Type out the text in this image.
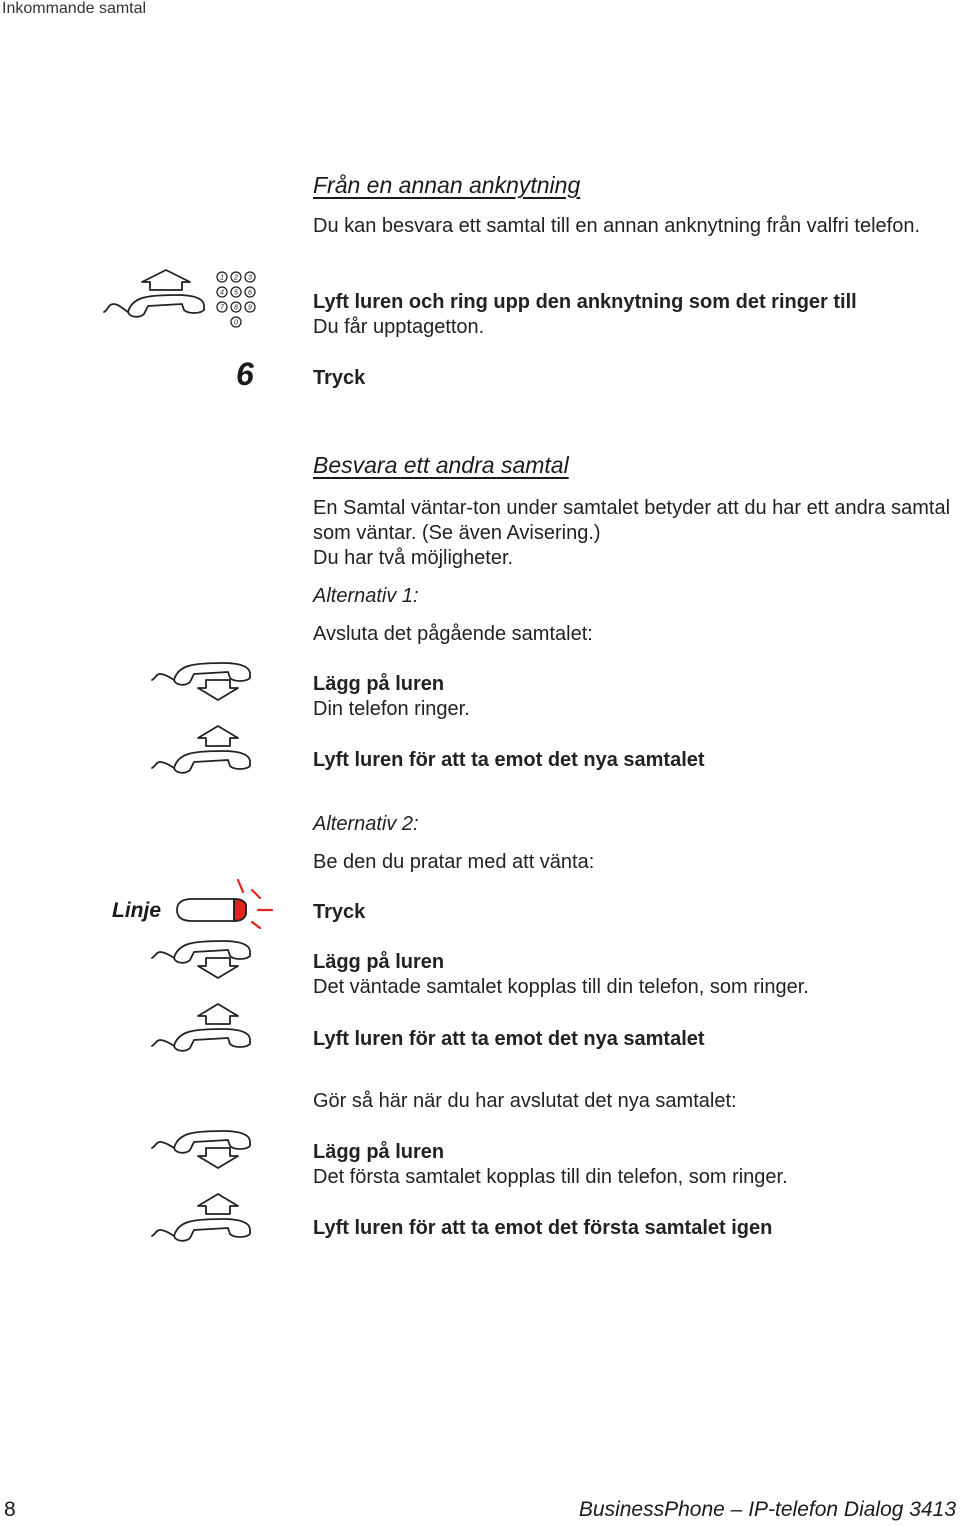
Inkommande samtal
Från en annan anknytning
Du kan besvara ett samtal till en annan anknytning från valfri telefon.
1 2 3
4 5 6
7 8 9
0
Lyft luren och ring upp den anknytning som det ringer till
Du får upptagetton.
6	Tryck
Besvara ett andra samtal
En Samtal väntar-ton under samtalet betyder att du har ett andra samtal som väntar. (Se även Avisering.)
Du har två möjligheter.
Alternativ 1:
Avsluta det pågående samtalet:
Lägg på luren
Din telefon ringer.
Lyft luren för att ta emot det nya samtalet
Alternativ 2:
Be den du pratar med att vänta:
Linje	Tryck
Lägg på luren
Det väntade samtalet kopplas till din telefon, som ringer.
Lyft luren för att ta emot det nya samtalet
Gör så här när du har avslutat det nya samtalet:
Lägg på luren
Det första samtalet kopplas till din telefon, som ringer.
Lyft luren för att ta emot det första samtalet igen
8	BusinessPhone – IP-telefon Dialog 3413
